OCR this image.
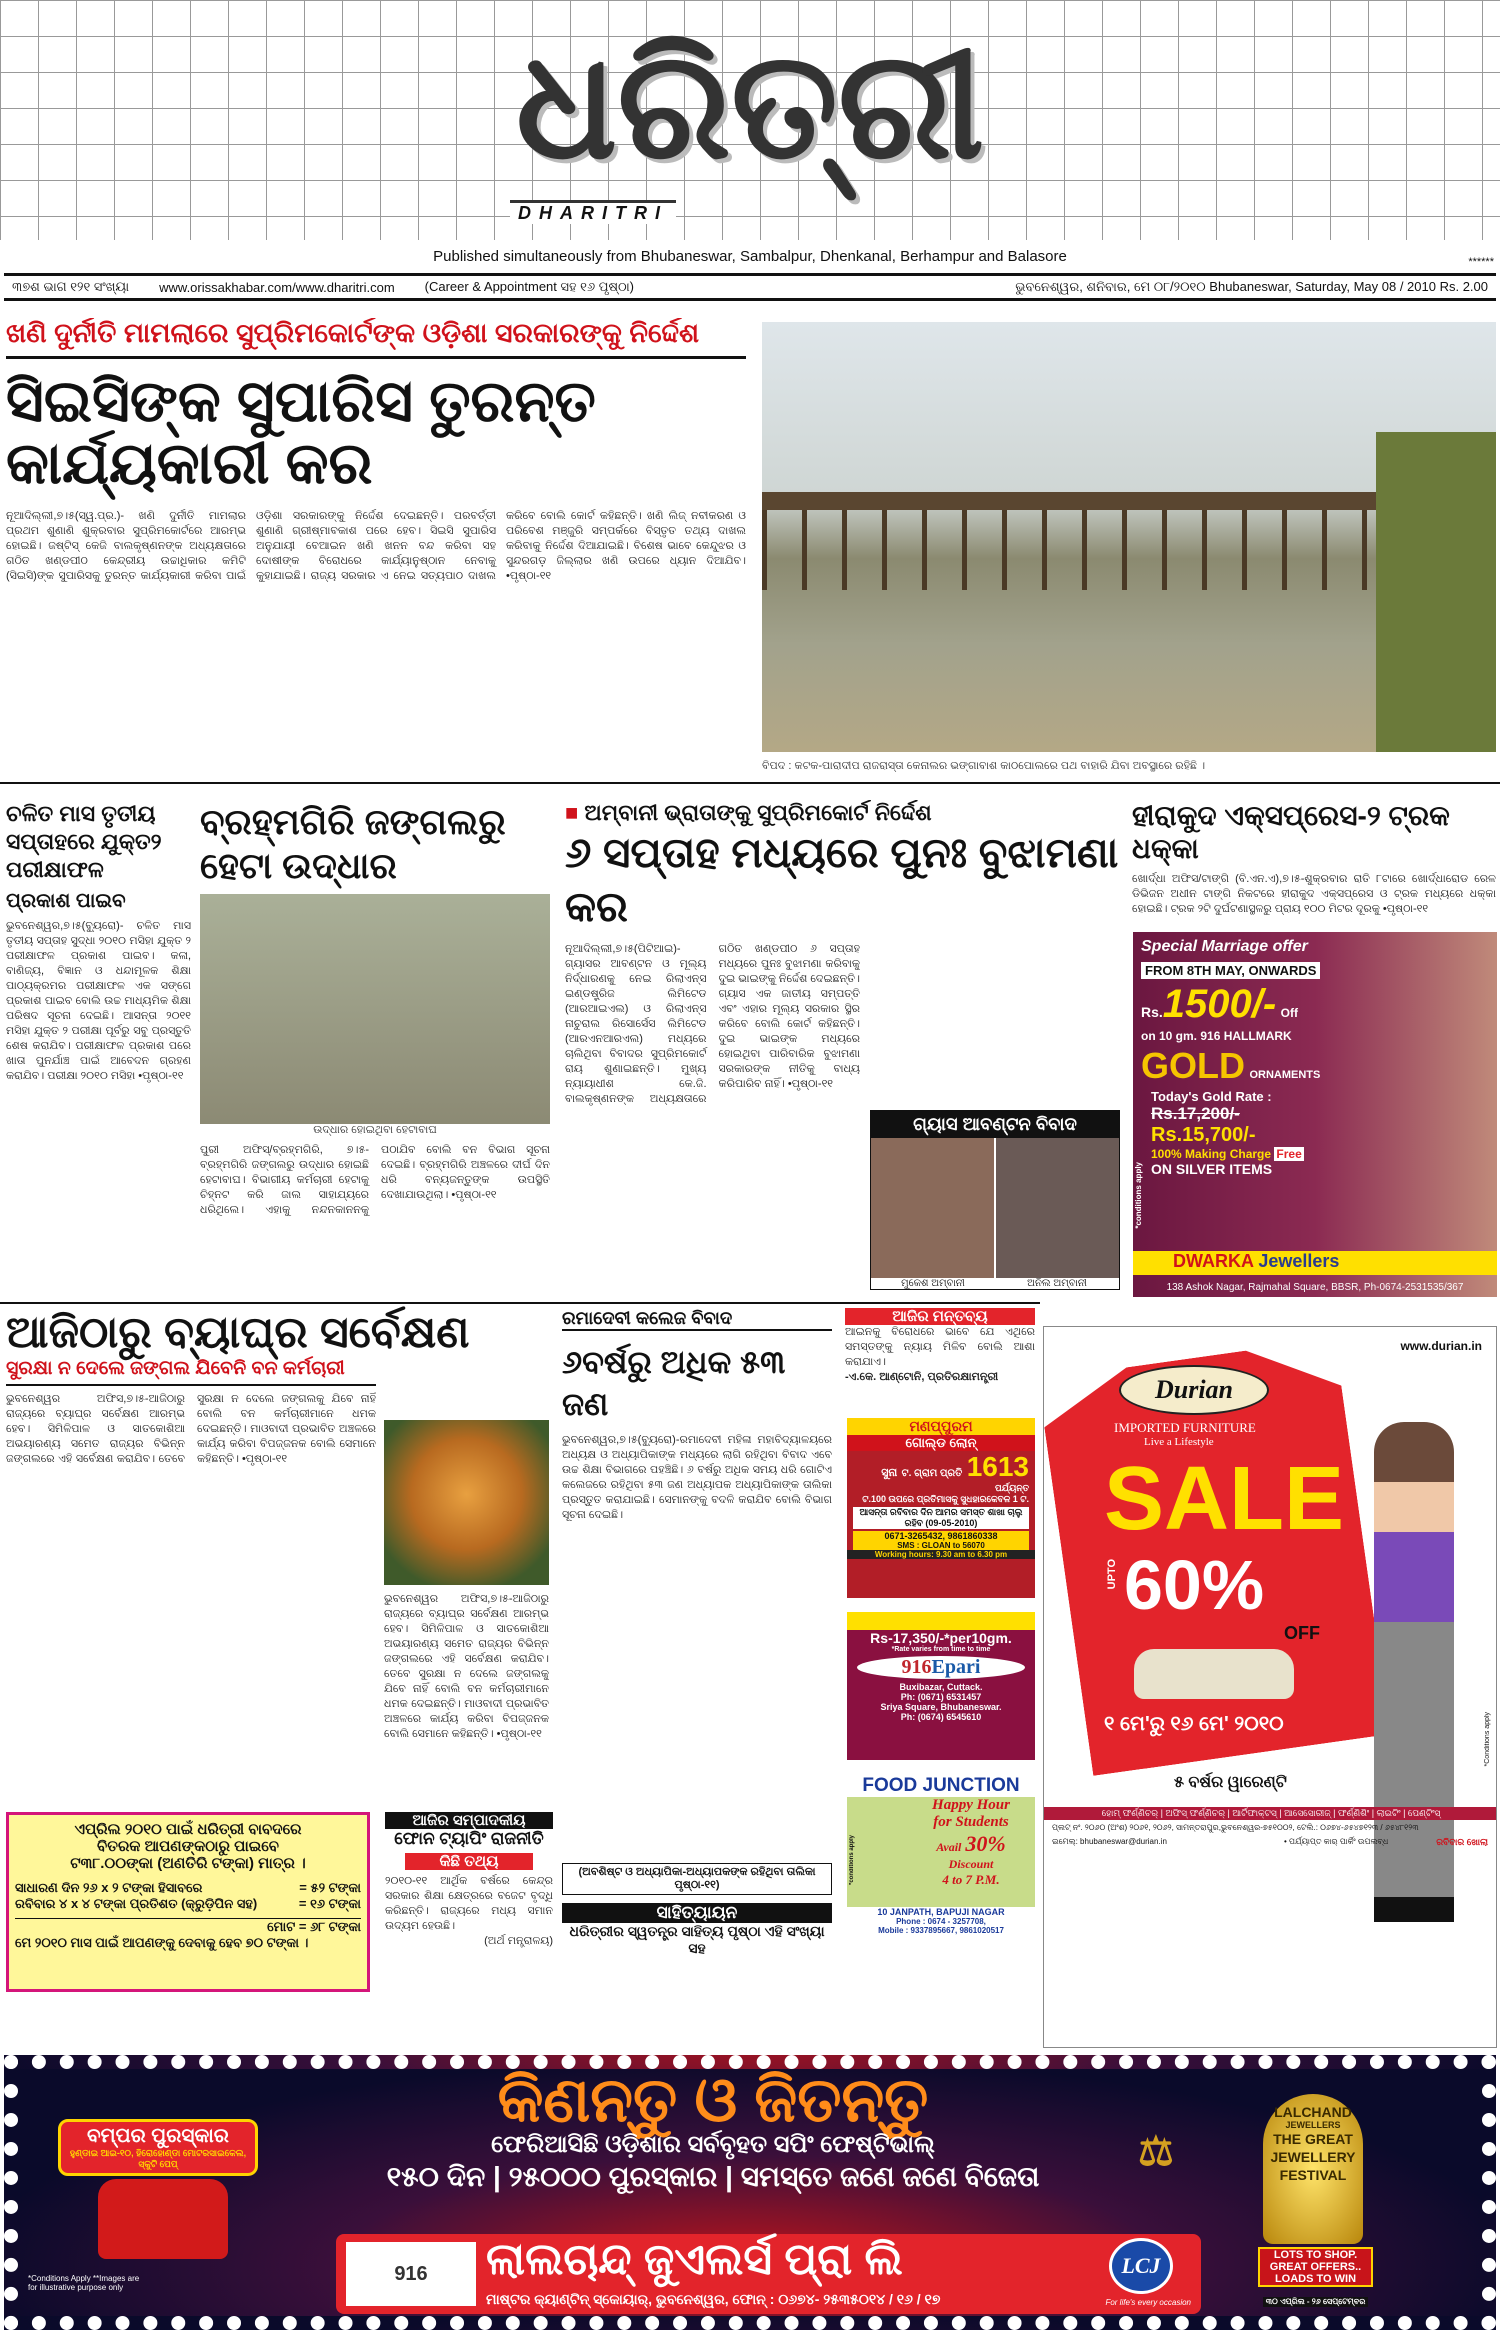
ଧରିତ୍ରୀ
DHARITRI
Published simultaneously from Bhubaneswar, Sambalpur, Dhenkanal, Berhampur and Balasore	******
୩୭ଶ ଭାଗ ୧୨୧ ସଂଖ୍ୟା www.orissakhabar.com/www.dharitri.com (Career & Appointment ସହ ୧୬ ପୃଷ୍ଠା)	ଭୁବନେଶ୍ୱର, ଶନିବାର, ମେ ୦୮/୨୦୧୦ Bhubaneswar, Saturday, May 08 / 2010 Rs. 2.00
ଖଣି ଦୁର୍ନୀତି ମାମଲାରେ ସୁପ୍ରିମକୋର୍ଟଙ୍କ ଓଡ଼ିଶା ସରକାରଙ୍କୁ ନିର୍ଦ୍ଦେଶ
ସିଇସିଙ୍କ ସୁପାରିସ ତୁରନ୍ତ କାର୍ଯ୍ୟକାରୀ କର
ନୂଆଦିଲ୍ଲୀ,୭।୫(ସ୍ୱ.ପ୍ର.)- ଖଣି ଦୁର୍ନୀତି ମାମଲାର ପ୍ରଥମ ଶୁଣାଣି ଶୁକ୍ରବାର ସୁପ୍ରିମକୋର୍ଟରେ ଆରମ୍ଭ ହୋଇଛି। ଜଷ୍ଟିସ୍ କେଜି ବାଲକୃଷ୍ଣନଙ୍କ ଅଧ୍ୟକ୍ଷତାରେ ଗଠିତ ଖଣ୍ଡପୀଠ କେନ୍ଦ୍ରୀୟ ଉଚ୍ଚାଧିକାର କମିଟି (ସିଇସି)ଙ୍କ ସୁପାରିସକୁ ତୁରନ୍ତ କାର୍ଯ୍ୟକାରୀ କରିବା ପାଇଁ ଓଡ଼ିଶା ସରକାରଙ୍କୁ ନିର୍ଦ୍ଦେଶ ଦେଇଛନ୍ତି। ପରବର୍ତ୍ତୀ ଶୁଣାଣି ଗ୍ରୀଷ୍ମାବକାଶ ପରେ ହେବ। ସିଇସି ସୁପାରିସ ଅନୁଯାୟୀ ବେଆଇନ ଖଣି ଖନନ ବନ୍ଦ କରିବା ସହ ଦୋଷୀଙ୍କ ବିରୋଧରେ କାର୍ଯ୍ୟାନୁଷ୍ଠାନ ନେବାକୁ କୁହାଯାଇଛି। ରାଜ୍ୟ ସରକାର ଏ ନେଇ ସତ୍ୟପାଠ ଦାଖଲ କରିବେ ବୋଲି କୋର୍ଟ କହିଛନ୍ତି। ଖଣି ଲିଜ୍ ନବୀକରଣ ଓ ପରିବେଶ ମଞ୍ଜୁରି ସମ୍ପର୍କରେ ବିସ୍ତୃତ ତଥ୍ୟ ଦାଖଲ କରିବାକୁ ନିର୍ଦ୍ଦେଶ ଦିଆଯାଇଛି। ବିଶେଷ ଭାବେ କେନ୍ଦୁଝର ଓ ସୁନ୍ଦରଗଡ଼ ଜିଲ୍ଲାର ଖଣି ଉପରେ ଧ୍ୟାନ ଦିଆଯିବ। •ପୃଷ୍ଠା-୧୧
ବିପଦ : କଟକ-ପାରାଦୀପ ରାଜରାସ୍ତା କେନାଲର ଭଙ୍ଗାବାଶ କାଠପୋଲରେ ପଥ ବାହାରି ଯିବା ଅବସ୍ଥାରେ ରହିଛି ।
ଚଳିତ ମାସ ତୃତୀୟ ସପ୍ତାହରେ ଯୁକ୍ତ୨ ପରୀକ୍ଷାଫଳ
ପ୍ରକାଶ ପାଇବ
ଭୁବନେଶ୍ୱର,୭।୫(ବ୍ୟୁରୋ)- ଚଳିତ ମାସ ତୃତୀୟ ସପ୍ତାହ ସୁଦ୍ଧା ୨୦୧୦ ମସିହା ଯୁକ୍ତ ୨ ପରୀକ୍ଷାଫଳ ପ୍ରକାଶ ପାଇବ। କଳା, ବାଣିଜ୍ୟ, ବିଜ୍ଞାନ ଓ ଧନ୍ଦାମୂଳକ ଶିକ୍ଷା ପାଠ୍ୟକ୍ରମର ପରୀକ୍ଷାଫଳ ଏକ ସଙ୍ଗେ ପ୍ରକାଶ ପାଇବ ବୋଲି ଉଚ୍ଚ ମାଧ୍ୟମିକ ଶିକ୍ଷା ପରିଷଦ ସୂଚନା ଦେଇଛି। ଆସନ୍ତା ୨୦୧୧ ମସିହା ଯୁକ୍ତ ୨ ପରୀକ୍ଷା ପୂର୍ବରୁ ସବୁ ପ୍ରସ୍ତୁତି ଶେଷ କରାଯିବ। ପରୀକ୍ଷାଫଳ ପ୍ରକାଶ ପରେ ଖାତା ପୁନର୍ଯାଞ୍ଚ ପାଇଁ ଆବେଦନ ଗ୍ରହଣ କରାଯିବ। ପରୀକ୍ଷା ୨୦୧୦ ମସିହା •ପୃଷ୍ଠା-୧୧
ବ୍ରହ୍ମଗିରି ଜଙ୍ଗଲରୁ ହେଟା ଉଦ୍ଧାର
ଉଦ୍ଧାର ହୋଇଥିବା ହେଟାବାଘ
ପୁରୀ ଅଫିସ୍/ବ୍ରହ୍ମଗିରି, ୭।୫- ବ୍ରହ୍ମଗିରି ଜଙ୍ଗଲରୁ ଉଦ୍ଧାର ହୋଇଛି ହେଟାବାଘ। ବିଭାଗୀୟ କର୍ମଚାରୀ ହେଟାକୁ ଚିହ୍ନଟ କରି ଜାଲ ସାହାଯ୍ୟରେ ଧରିଥିଲେ। ଏହାକୁ ନନ୍ଦନକାନନକୁ ପଠାଯିବ ବୋଲି ବନ ବିଭାଗ ସୂଚନା ଦେଇଛି। ବ୍ରହ୍ମଗିରି ଅଞ୍ଚଳରେ ଦୀର୍ଘ ଦିନ ଧରି ବନ୍ୟଜନ୍ତୁଙ୍କ ଉପସ୍ଥିତି ଦେଖାଯାଉଥିଲା। •ପୃଷ୍ଠା-୧୧
■ ଅମ୍ବାନୀ ଭ୍ରାତାଙ୍କୁ ସୁପ୍ରିମକୋର୍ଟ ନିର୍ଦ୍ଦେଶ
୬ ସପ୍ତାହ ମଧ୍ୟରେ ପୁନଃ ବୁଝାମଣା କର
ନୂଆଦିଲ୍ଲୀ,୭।୫(ପିଟିଆଇ)-ଗ୍ୟାସର ଆବଣ୍ଟନ ଓ ମୂଲ୍ୟ ନିର୍ଦ୍ଧାରଣକୁ ନେଇ ରିଲାଏନ୍ସ ଇଣ୍ଡଷ୍ଟ୍ରିଜ ଲିମିଟେଡ (ଆରଆଇଏଲ) ଓ ରିଲାଏନ୍ସ ନାଚୁରାଲ ରିସୋର୍ସେସ ଲିମିଟେଡ (ଆରଏନଆରଏଲ) ମଧ୍ୟରେ ଚାଲିଥିବା ବିବାଦର ସୁପ୍ରିମକୋର୍ଟ ରାୟ ଶୁଣାଇଛନ୍ତି। ମୁଖ୍ୟ ନ୍ୟାୟାଧୀଶ କେ.ଜି. ବାଲକୃଷ୍ଣନଙ୍କ ଅଧ୍ୟକ୍ଷତାରେ ଗଠିତ ଖଣ୍ଡପୀଠ ୬ ସପ୍ତାହ ମଧ୍ୟରେ ପୁନଃ ବୁଝାମଣା କରିବାକୁ ଦୁଇ ଭାଇଙ୍କୁ ନିର୍ଦ୍ଦେଶ ଦେଇଛନ୍ତି। ଗ୍ୟାସ ଏକ ଜାତୀୟ ସମ୍ପତ୍ତି ଏବଂ ଏହାର ମୂଲ୍ୟ ସରକାର ସ୍ଥିର କରିବେ ବୋଲି କୋର୍ଟ କହିଛନ୍ତି। ଦୁଇ ଭାଇଙ୍କ ମଧ୍ୟରେ ହୋଇଥିବା ପାରିବାରିକ ବୁଝାମଣା ସରକାରଙ୍କ ନୀତିକୁ ବାଧ୍ୟ କରିପାରିବ ନାହିଁ। •ପୃଷ୍ଠା-୧୧
ଗ୍ୟାସ ଆବଣ୍ଟନ ବିବାଦ
ମୁକେଶ ଅମ୍ବାନୀ	ଅନିଲ ଅମ୍ବାନୀ
ହୀରାକୁଦ ଏକ୍ସପ୍ରେସ-୨ ଟ୍ରକ ଧକ୍କା
ଖୋର୍ଦ୍ଧା ଅଫିସ/ଟାଙ୍ଗି (ବି.ଏନ.ଏ),୭।୫-ଶୁକ୍ରବାର ରାତି ୮ଟାରେ ଖୋର୍ଦ୍ଧାରୋଡ ରେଳ ଡିଭିଜନ ଅଧୀନ ଟାଙ୍ଗି ନିକଟରେ ହୀରାକୁଦ ଏକ୍ସପ୍ରେସ ଓ ଟ୍ରକ ମଧ୍ୟରେ ଧକ୍କା ହୋଇଛି। ଟ୍ରକ ୨ଟି ଦୁର୍ଘଟଣାସ୍ଥଳରୁ ପ୍ରାୟ ୧୦୦ ମିଟର ଦୂରକୁ •ପୃଷ୍ଠା-୧୧
Special Marriage offer
FROM 8TH MAY, ONWARDS
Rs.1500/- Off
on 10 gm. 916 HALLMARK
GOLD ORNAMENTS
Today's Gold Rate :
Rs.17,200/-
Rs.15,700/-
100% Making Charge Free
ON SILVER ITEMS
*conditions apply
DWARKA Jewellers
138 Ashok Nagar, Rajmahal Square, BBSR, Ph-0674-2531535/367
ଆଜିଠାରୁ ବ୍ୟାଘ୍ର ସର୍ବେକ୍ଷଣ
ସୁରକ୍ଷା ନ ଦେଲେ ଜଙ୍ଗଲ ଯିବେନି ବନ କର୍ମଚାରୀ
ଭୁବନେଶ୍ୱର ଅଫିସ,୭।୫-ଆଜିଠାରୁ ରାଜ୍ୟରେ ବ୍ୟାଘ୍ର ସର୍ବେକ୍ଷଣ ଆରମ୍ଭ ହେବ। ସିମିଳିପାଳ ଓ ସାତକୋଶିଆ ଅଭୟାରଣ୍ୟ ସମେତ ରାଜ୍ୟର ବିଭିନ୍ନ ଜଙ୍ଗଲରେ ଏହି ସର୍ବେକ୍ଷଣ କରାଯିବ। ତେବେ ସୁରକ୍ଷା ନ ଦେଲେ ଜଙ୍ଗଲକୁ ଯିବେ ନାହିଁ ବୋଲି ବନ କର୍ମଚାରୀମାନେ ଧମକ ଦେଇଛନ୍ତି। ମାଓବାଦୀ ପ୍ରଭାବିତ ଅଞ୍ଚଳରେ କାର୍ଯ୍ୟ କରିବା ବିପଜ୍ଜନକ ବୋଲି ସେମାନେ କହିଛନ୍ତି। •ପୃଷ୍ଠା-୧୧
ଭୁବନେଶ୍ୱର ଅଫିସ,୭।୫-ଆଜିଠାରୁ ରାଜ୍ୟରେ ବ୍ୟାଘ୍ର ସର୍ବେକ୍ଷଣ ଆରମ୍ଭ ହେବ। ସିମିଳିପାଳ ଓ ସାତକୋଶିଆ ଅଭୟାରଣ୍ୟ ସମେତ ରାଜ୍ୟର ବିଭିନ୍ନ ଜଙ୍ଗଲରେ ଏହି ସର୍ବେକ୍ଷଣ କରାଯିବ। ତେବେ ସୁରକ୍ଷା ନ ଦେଲେ ଜଙ୍ଗଲକୁ ଯିବେ ନାହିଁ ବୋଲି ବନ କର୍ମଚାରୀମାନେ ଧମକ ଦେଇଛନ୍ତି। ମାଓବାଦୀ ପ୍ରଭାବିତ ଅଞ୍ଚଳରେ କାର୍ଯ୍ୟ କରିବା ବିପଜ୍ଜନକ ବୋଲି ସେମାନେ କହିଛନ୍ତି। •ପୃଷ୍ଠା-୧୧
ଏପ୍ରିଲ ୨୦୧୦ ପାଇଁ ଧରିତ୍ରୀ ବାବଦରେ
ବିତରକ ଆପଣଙ୍କଠାରୁ ପାଇବେ
ଟ୩୮.୦୦ଙ୍କା (ଅଣତିରି ଟଙ୍କା) ମାତ୍ର ।
ସାଧାରଣ ଦିନ ୨୬ x ୨ ଟଙ୍କା ହିସାବରେ	= ୫୨ ଟଙ୍କା
ରବିବାର ୪ x ୪ ଟଙ୍କା ପ୍ରତିଶତ (କ୍ରୁଡ଼ିପିନ ସହ)	= ୧୬ ଟଙ୍କା
ମୋଟ = ୬୮ ଟଙ୍କା
ମେ ୨୦୧୦ ମାସ ପାଇଁ ଆପଣଙ୍କୁ ଦେବାକୁ ହେବ ୭୦ ଟଙ୍କା ।
ଆଜିର ସମ୍ପାଦକୀୟ
ଫୋନ ଟ୍ୟାପିଂ ରାଜନୀତି
କିଛି ତଥ୍ୟ
୨୦୧୦-୧୧ ଆର୍ଥିକ ବର୍ଷରେ କେନ୍ଦ୍ର ସରକାର ଶିକ୍ଷା କ୍ଷେତ୍ରରେ ବଜେଟ ବୃଦ୍ଧି କରିଛନ୍ତି। ରାଜ୍ୟରେ ମଧ୍ୟ ସମାନ ଉଦ୍ୟମ ହେଉଛି।
(ଅର୍ଥ ମନ୍ତ୍ରାଳୟ)
ରମାଦେବୀ କଲେଜ ବିବାଦ
୬ବର୍ଷରୁ ଅଧିକ ୫୩ ଜଣ
ଭୁବନେଶ୍ୱର,୭।୫(ବ୍ୟୁରୋ)-ରମାଦେବୀ ମହିଳା ମହାବିଦ୍ୟାଳୟରେ ଅଧ୍ୟକ୍ଷ ଓ ଅଧ୍ୟାପିକାଙ୍କ ମଧ୍ୟରେ ଲାଗି ରହିଥିବା ବିବାଦ ଏବେ ଉଚ୍ଚ ଶିକ୍ଷା ବିଭାଗରେ ପହଞ୍ଚିଛି। ୬ ବର୍ଷରୁ ଅଧିକ ସମୟ ଧରି ଗୋଟିଏ କଲେଜରେ ରହିଥିବା ୫୩ ଜଣ ଅଧ୍ୟାପକ ଅଧ୍ୟାପିକାଙ୍କ ତାଲିକା ପ୍ରସ୍ତୁତ କରାଯାଇଛି। ସେମାନଙ୍କୁ ବଦଳି କରାଯିବ ବୋଲି ବିଭାଗ ସୂଚନା ଦେଇଛି।
(ଅବଶିଷ୍ଟ ଓ ଅଧ୍ୟାପିକା-ଅଧ୍ୟାପକଙ୍କ ରହିଥିବା ତାଲିକା ପୃଷ୍ଠା-୧୧)
ସାହିତ୍ୟାୟନ
ଧରିତ୍ରୀର ସ୍ୱତନ୍ତ୍ର ସାହିତ୍ୟ ପୃଷ୍ଠା ଏହି ସଂଖ୍ୟା ସହ
ଆଜିର ମନ୍ତବ୍ୟ
ଆଇନକୁ ବିରୋଧରେ ଭାବେ ଯେ ଏଥିରେ ସମସ୍ତଙ୍କୁ ନ୍ୟାୟ ମିଳିବ ବୋଲି ଆଶା କରାଯାଏ।
-ଏ.କେ. ଆଣ୍ଟୋନି, ପ୍ରତିରକ୍ଷାମନ୍ତ୍ରୀ
ମଣପ୍ପୁରମ
ଗୋଲ୍ଡ ଲୋନ୍
ସୁନା ଟ. ଗ୍ରାମ ପ୍ରତି 1613
ପର୍ଯ୍ୟନ୍ତ
ଟ.100 ଉପରେ ପ୍ରତିମାସକୁ ସୁଧହାରକେବଳ 1 ଟ.
ଆସନ୍ତା ରବିବାର ଦିନ ଆମର ସମସ୍ତ ଶାଖା ଚାଲୁ ରହିବ (09-05-2010)
0671-3265432, 9861860338
SMS : GLOAN to 56070
Working hours: 9.30 am to 6.30 pm
22ct. Gold Rate
Rs-17,350/-*per10gm.
*Rate varies from time to time
916Epari
Buxibazar, Cuttack.
Ph: (0671) 6531457
Sriya Square, Bhubaneswar.
Ph: (0674) 6545610
FOOD JUNCTION
Happy Hour
for Students
Avail 30%
Discount
4 to 7 P.M.
*conditions apply
10 JANPATH, BAPUJI NAGAR
Phone : 0674 - 3257708,
Mobile : 9337895667, 9861020517
www.durian.in
Durian
IMPORTED FURNITURE
Live a Lifestyle
SALE
UPTO 60%
OFF
୧ ମେ'ରୁ ୧୬ ମେ' ୨୦୧୦
୫ ବର୍ଷର ୱାରେଣ୍ଟି
*Conditions apply
ହୋମ୍ ଫର୍ଣ୍ଣିଚର୍ | ଅଫିସ୍ ଫର୍ଣ୍ଣିଚର୍ | ଆର୍ଟିଫାକ୍ଟସ୍ | ଆସେସୋରୀଜ୍ | ଫର୍ଣ୍ଣିଶିଂ | ଲାଇଟିଂ | ପେଣ୍ଟିଂସ୍
ପ୍ଲଟ୍ ନଂ. ୨୦୬୦ (ଅଂଶ) ୨୦୬୧, ୨୦୬୨, ସାମନ୍ତରାପୁର,ଭୁବନେଶ୍ୱର-୭୫୧୦୦୨, ଟେଲି.: ୦୬୭୪-୬୫୪୭୧୨୩ / ୬୫୪୮୧୨୩
ଇମେଲ୍: bhubaneswar@durian.in	• ପର୍ଯ୍ୟାପ୍ତ କାର୍ ପାର୍କିଂ ଉପଲବ୍ଧ	ରବିବାର ଖୋଲା
ବମ୍ପର ପୁରସ୍କାର
ହୁଣ୍ଡାଇ ଆଇ-୧୦, ହିରୋହୋଣ୍ଡା ମୋଟରସାଇକେଲ, ସ୍କୁଟି ପେପ୍
*Conditions Apply **Images are for illustrative purpose only
କିଣନ୍ତୁ ଓ ଜିତନ୍ତୁ
ଫେରିଆସିଛି ଓଡ଼ିଶାର ସର୍ବବୃହତ ସପିଂ ଫେଷ୍ଟିଭାଲ୍
୧୫୦ ଦିନ | ୨୫୦୦୦ ପୁରସ୍କାର | ସମସ୍ତେ ଜଣେ ଜଣେ ବିଜେତା
916	ଲାଲଚାନ୍ଦ୍ ଜୁଏଲର୍ସ ପ୍ରା ଲି
ମାଷ୍ଟର କ୍ୟାଣ୍ଟିନ୍ ସ୍କୋୟାର୍, ଭୁବନେଶ୍ୱର, ଫୋନ୍ : ୦୬୭୪- ୨୫୩୫୦୧୪ / ୧୬ / ୧୭
LCJ
For life's every occasion
⚖
LALCHAND
JEWELLERS
THE GREAT JEWELLERY FESTIVAL
LOTS TO SHOP. GREAT OFFERS.. LOADS TO WIN
୩୦ ଏପ୍ରିଲ - ୨୬ ସେପ୍ଟେମ୍ବର
